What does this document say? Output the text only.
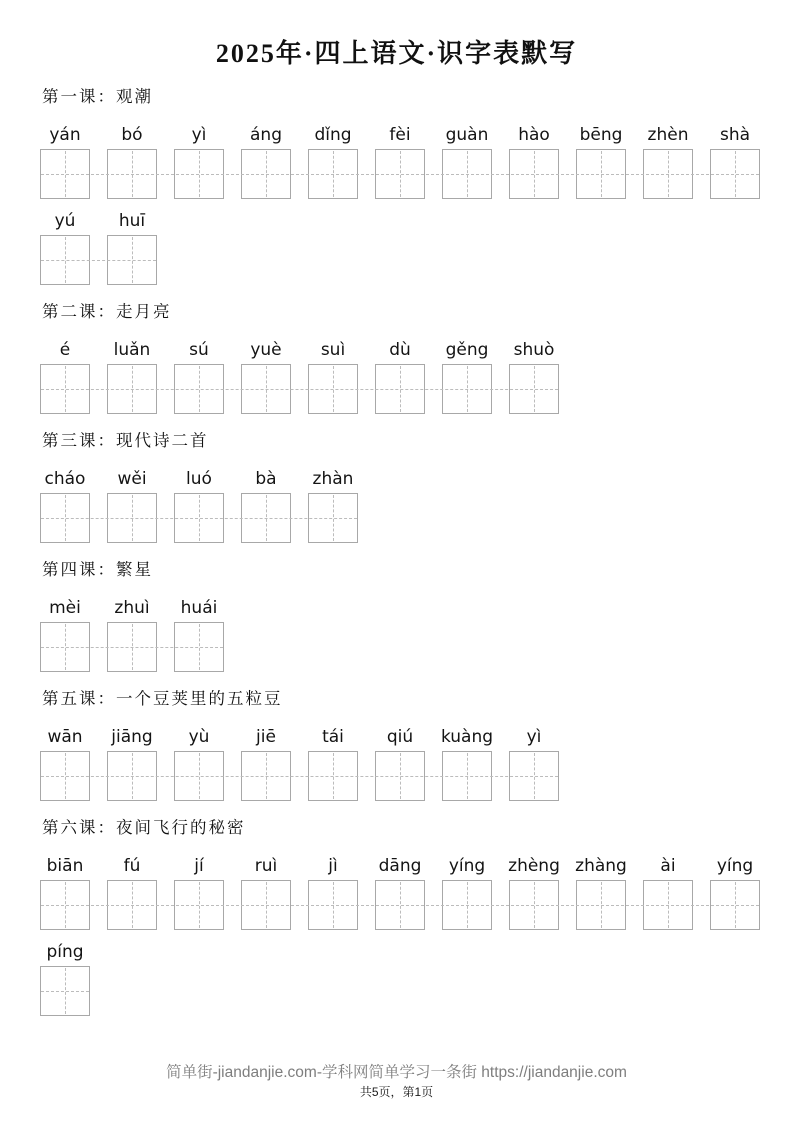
2025年·四上语文·识字表默写
第一课：观潮
yán bó	yì	áng dǐng fèi guàn hào bēng zhèn shà
yú	huī
第二课：走月亮
é	luǎn sú yuè suì	dù gěng shuò
第三课：现代诗二首
cháo wěi luó	bà zhàn
第四课：繁星
mèi zhuì huái
第五课：一个豆荚里的五粒豆
wān jiāng yù	jiē	tái	qiú kuàng yì
第六课：夜间飞行的秘密
biān fú	jí	ruì	jì dāng yíng zhèng zhàng ài yíng
píng
简单街-jiandanjie.com-学科网简单学习一条街 https://jiandanjie.com
共5页，第1页
